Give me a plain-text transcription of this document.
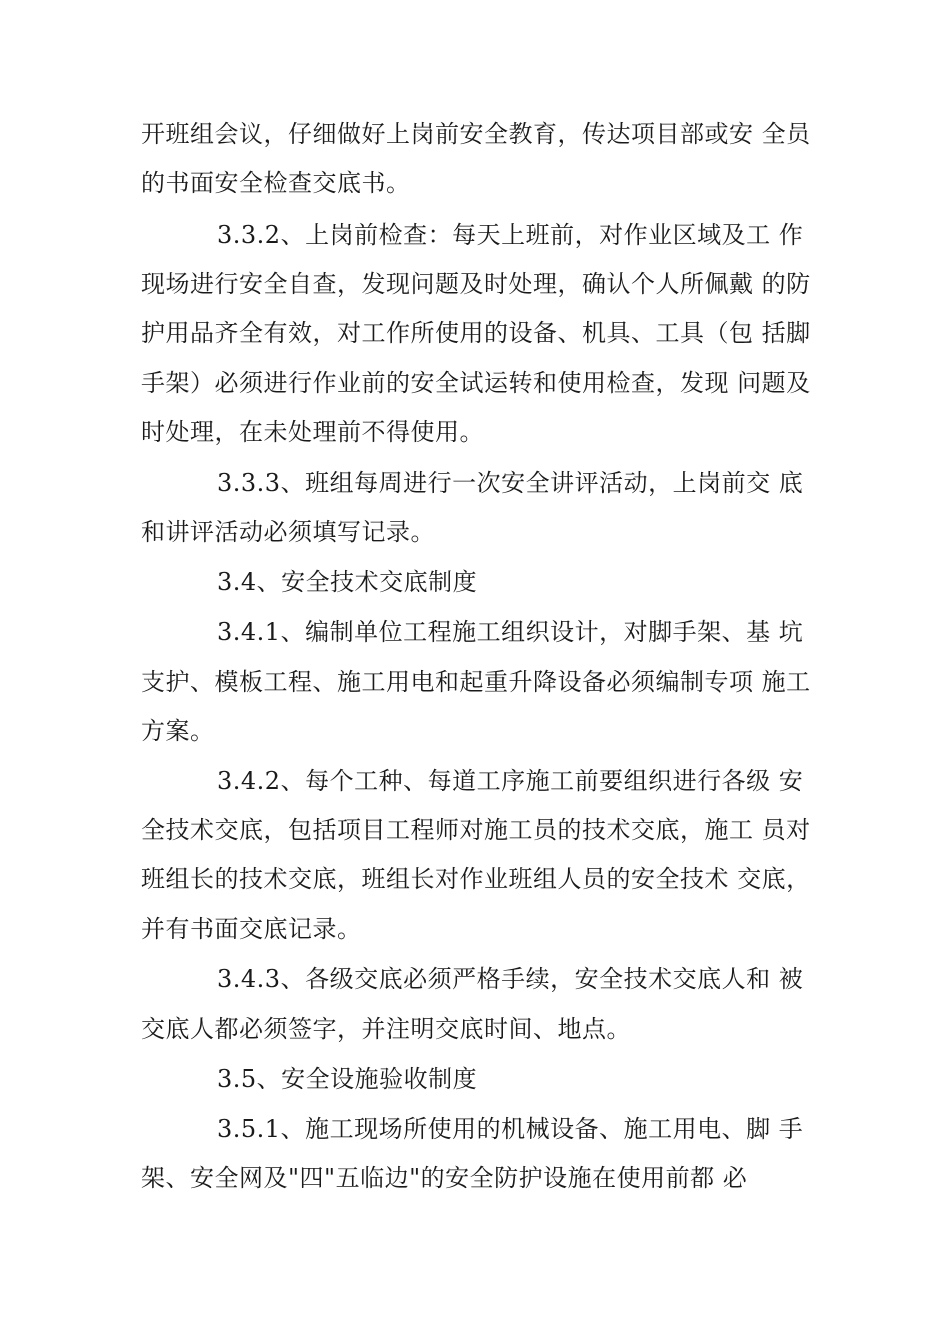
开班组会议，仔细做好上岗前安全教育，传达项目部或安 全员
的书面安全检查交底书。
3.3.2、上岗前检查：每天上班前，对作业区域及工 作
现场进行安全自查，发现问题及时处理，确认个人所佩戴 的防
护用品齐全有效，对工作所使用的设备、机具、工具（包 括脚
手架）必须进行作业前的安全试运转和使用检查，发现 问题及
时处理，在未处理前不得使用。
3.3.3、班组每周进行一次安全讲评活动，上岗前交 底
和讲评活动必须填写记录。
3.4、安全技术交底制度
3.4.1、编制单位工程施工组织设计，对脚手架、基 坑
支护、模板工程、施工用电和起重升降设备必须编制专项 施工
方案。
3.4.2、每个工种、每道工序施工前要组织进行各级 安
全技术交底，包括项目工程师对施工员的技术交底，施工 员对
班组长的技术交底，班组长对作业班组人员的安全技术 交底，
并有书面交底记录。
3.4.3、各级交底必须严格手续，安全技术交底人和 被
交底人都必须签字，并注明交底时间、地点。
3.5、安全设施验收制度
3.5.1、施工现场所使用的机械设备、施工用电、脚 手
架、安全网及"四"五临边"的安全防护设施在使用前都 必
